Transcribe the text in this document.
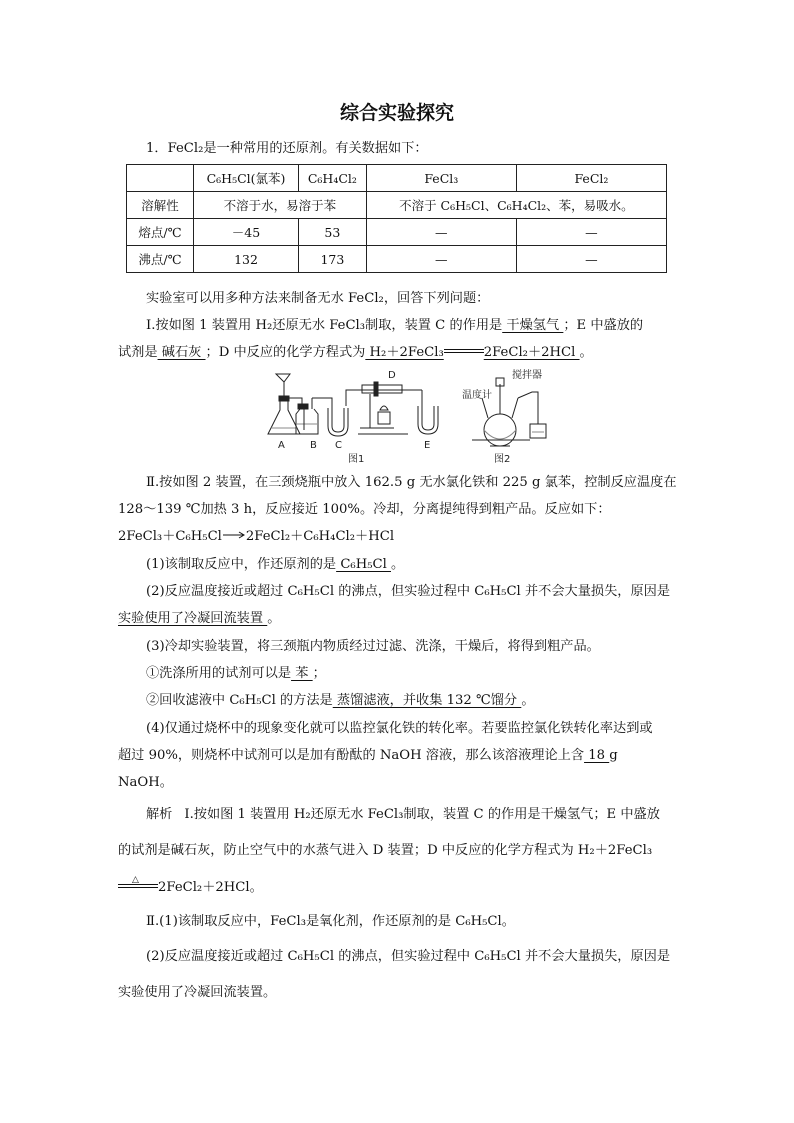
综合实验探究
1．FeCl₂是一种常用的还原剂。有关数据如下：
	C₆H₅Cl(氯苯)	C₆H₄Cl₂	FeCl₃	FeCl₂
溶解性	不溶于水，易溶于苯		不溶于 C₆H₅Cl、C₆H₄Cl₂、苯，易吸水。	
熔点/℃	－45	53	—	—
沸点/℃	132	173	—	—
实验室可以用多种方法来制备无水 FeCl₂，回答下列问题：
Ⅰ.按如图 1 装置用 H₂还原无水 FeCl₃制取，装置 C 的作用是 干燥氢气 ；E 中盛放的
试剂是 碱石灰 ；D 中反应的化学方程式为 H₂＋2FeCl₃	2FeCl₂＋2HCl 。
A	B C
D
E
图1	图2
搅拌器
温度计
Ⅱ.按如图 2 装置，在三颈烧瓶中放入 162.5 g 无水氯化铁和 225 g 氯苯，控制反应温度在
128～139 ℃加热 3 h，反应接近 100%。冷却，分离提纯得到粗产品。反应如下：
2FeCl₃＋C₆H₅Cl→2FeCl₂＋C₆H₄Cl₂＋HCl
(1)该制取反应中，作还原剂的是 C₆H₅Cl 。
(2)反应温度接近或超过 C₆H₅Cl 的沸点，但实验过程中 C₆H₅Cl 并不会大量损失，原因是
实验使用了冷凝回流装置 。
(3)冷却实验装置，将三颈瓶内物质经过过滤、洗涤，干燥后，将得到粗产品。
①洗涤所用的试剂可以是 苯 ；
②回收滤液中 C₆H₅Cl 的方法是 蒸馏滤液，并收集 132 ℃馏分 。
(4)仅通过烧杯中的现象变化就可以监控氯化铁的转化率。若要监控氯化铁转化率达到或
超过 90%，则烧杯中试剂可以是加有酚酞的 NaOH 溶液，那么该溶液理论上含 18 g
NaOH。
解析 Ⅰ.按如图 1 装置用 H₂还原无水 FeCl₃制取，装置 C 的作用是干燥氢气；E 中盛放
的试剂是碱石灰，防止空气中的水蒸气进入 D 装置；D 中反应的化学方程式为 H₂＋2FeCl₃
△ 2FeCl₂＋2HCl。
Ⅱ.(1)该制取反应中，FeCl₃是氧化剂，作还原剂的是 C₆H₅Cl。
(2)反应温度接近或超过 C₆H₅Cl 的沸点，但实验过程中 C₆H₅Cl 并不会大量损失，原因是
实验使用了冷凝回流装置。
